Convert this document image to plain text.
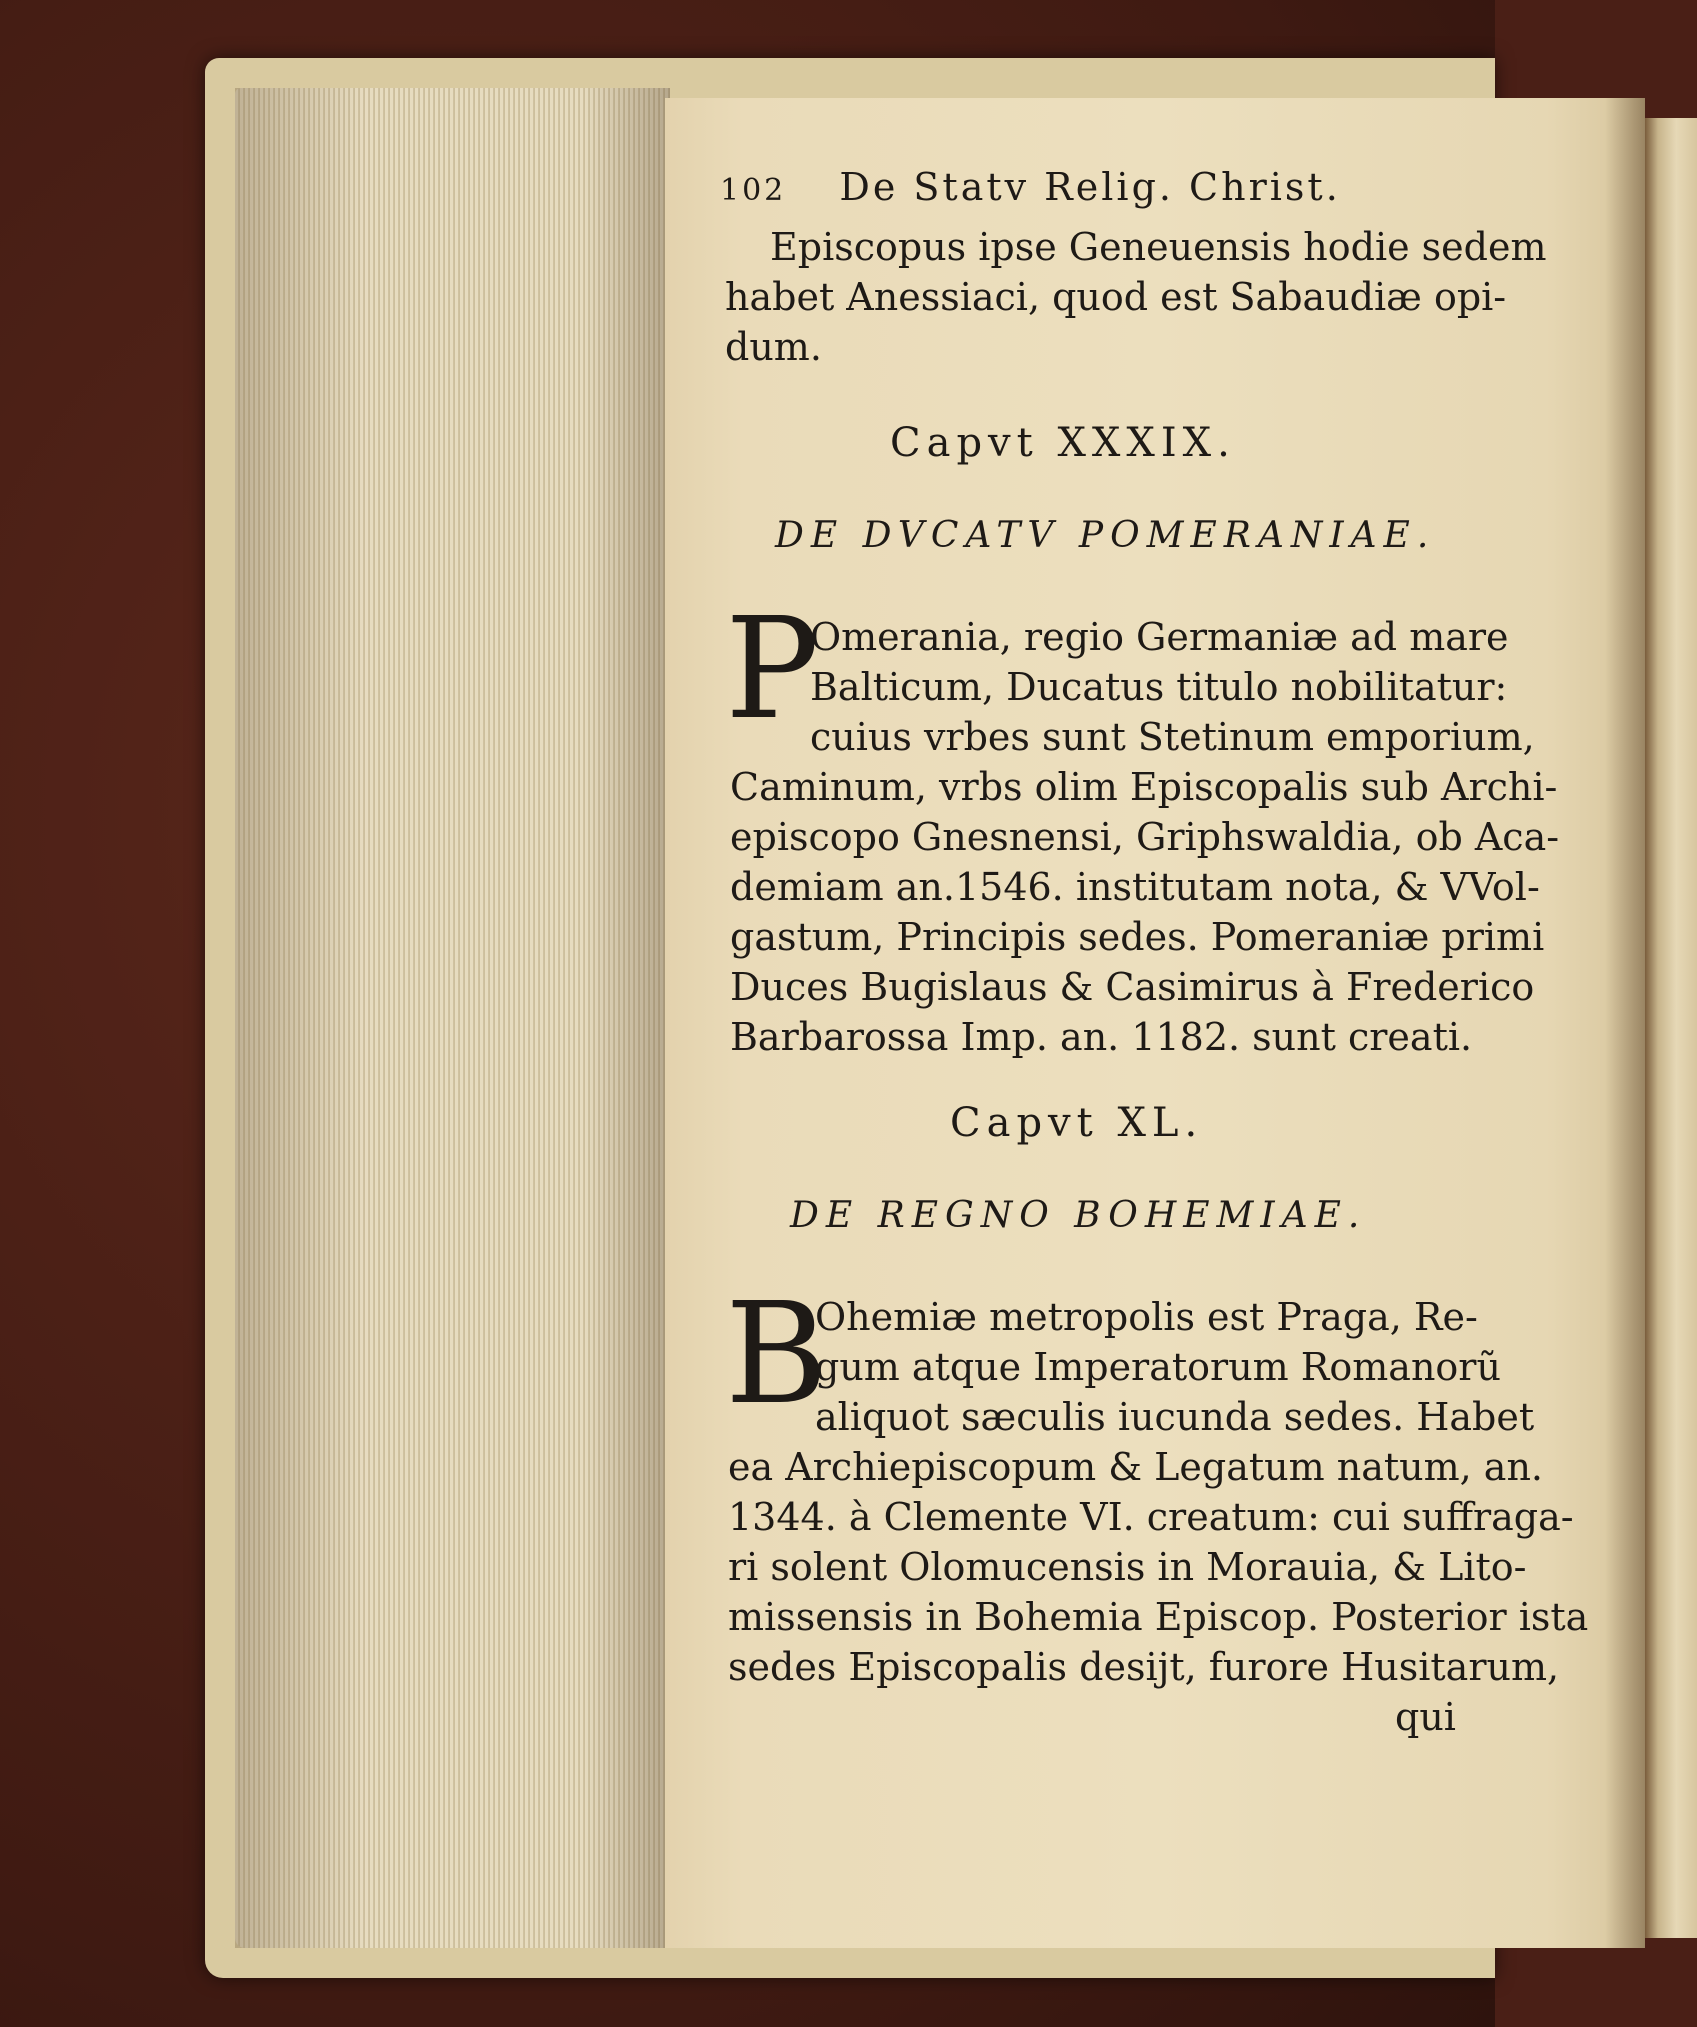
102 De Statv Relig. Christ.
Episcopus ipse Geneuensis hodie sedem
habet Anessiaci, quod est Sabaudiæ opi-
dum.
Capvt XXXIX.
DE DVCATV POMERANIAE.
P
Omerania, regio Germaniæ ad mare
Balticum, Ducatus titulo nobilitatur:
cuius vrbes sunt Stetinum emporium,
Caminum, vrbs olim Episcopalis sub Archi-
episcopo Gnesnensi, Griphswaldia, ob Aca-
demiam an.1546. institutam nota, & VVol-
gastum, Principis sedes. Pomeraniæ primi
Duces Bugislaus & Casimirus à Frederico
Barbarossa Imp. an. 1182. sunt creati.
Capvt XL.
DE REGNO BOHEMIAE.
B
Ohemiæ metropolis est Praga, Re-
gum atque Imperatorum Romanorũ
aliquot sæculis iucunda sedes. Habet
ea Archiepiscopum & Legatum natum, an.
1344. à Clemente VI. creatum: cui suffraga-
ri solent Olomucensis in Morauia, & Lito-
missensis in Bohemia Episcop. Posterior ista
sedes Episcopalis desijt, furore Husitarum,
qui
